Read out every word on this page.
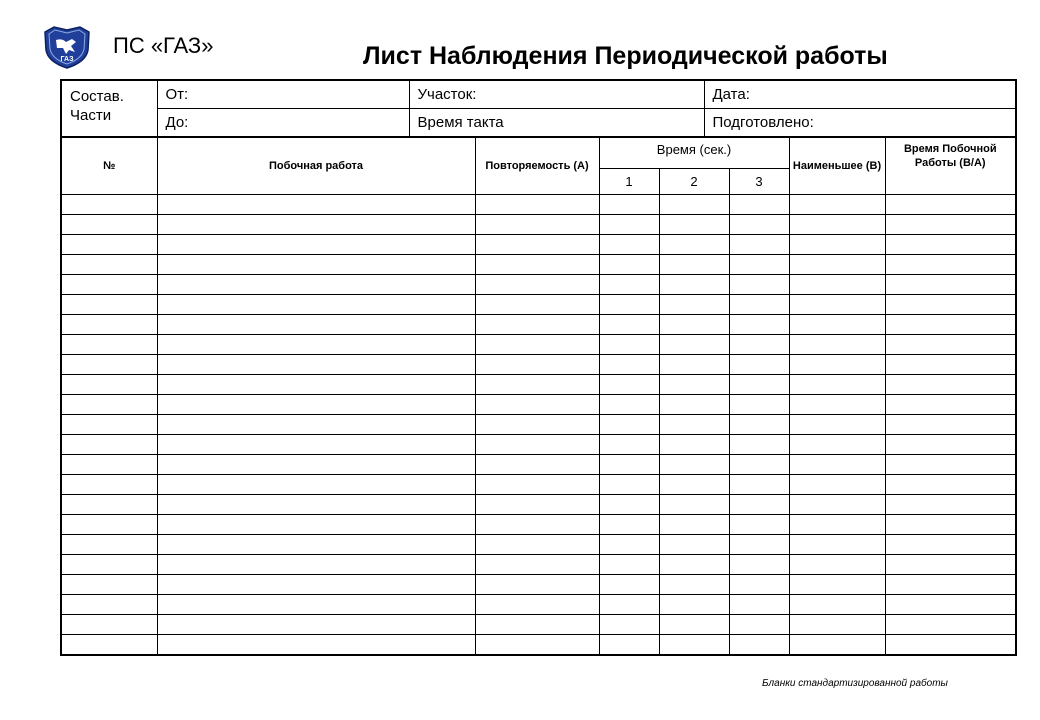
ГАЗ
ПС «ГАЗ»	Лист Наблюдения Периодической работы
Состав. Части	От:	Участок:	Дата:
	До:	Время такта	Подготовлено:
№	Побочная работа	Повторяемость (А)	Время (сек.)			Наименьшее (В)	Время Побочной Работы (В/А)
			1	2	3		

Бланки стандартизированной работы
